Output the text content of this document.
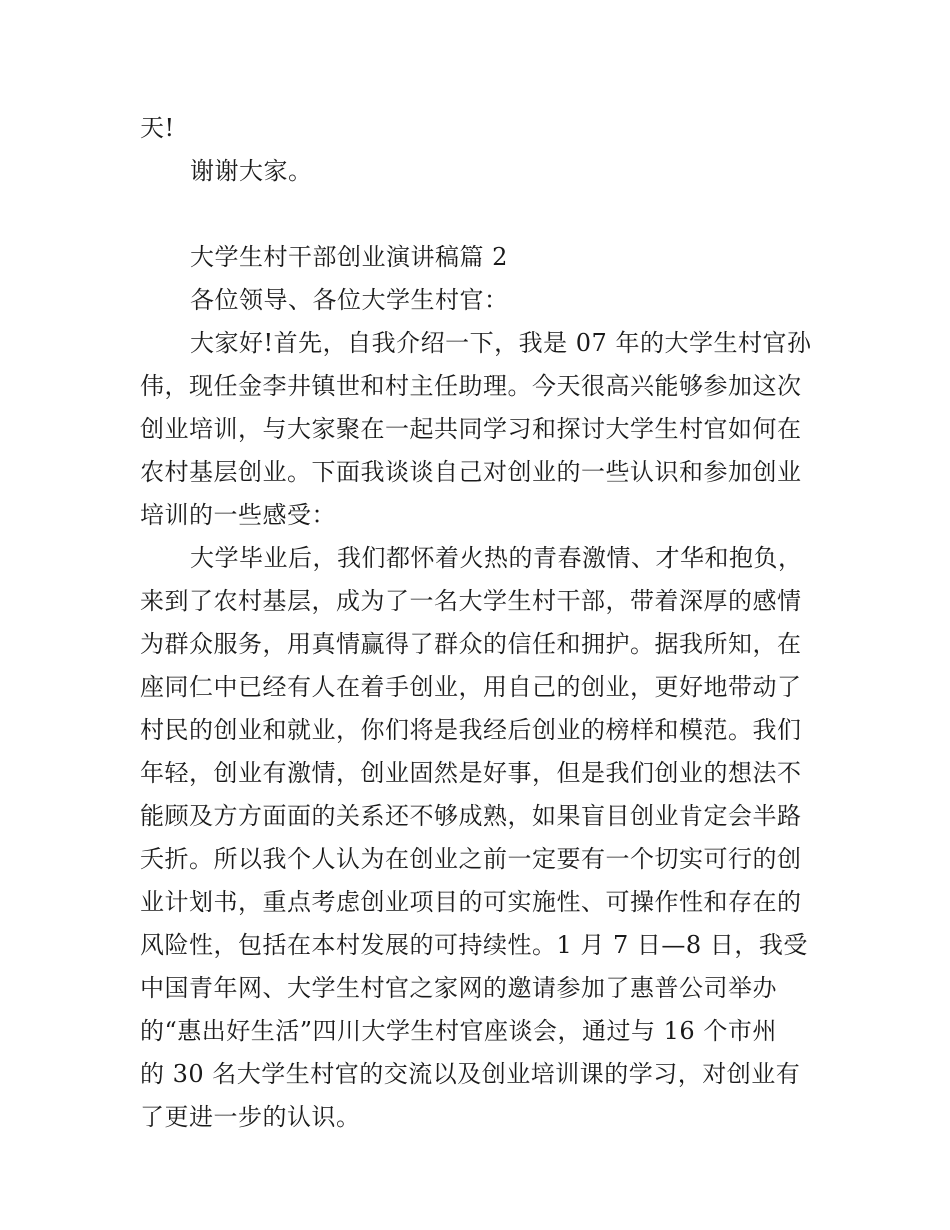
天!
谢谢大家。
大学生村干部创业演讲稿篇 2
各位领导、各位大学生村官：
大家好!首先，自我介绍一下，我是 07 年的大学生村官孙
伟，现任金李井镇世和村主任助理。今天很高兴能够参加这次
创业培训，与大家聚在一起共同学习和探讨大学生村官如何在
农村基层创业。下面我谈谈自己对创业的一些认识和参加创业
培训的一些感受：
大学毕业后，我们都怀着火热的青春激情、才华和抱负，
来到了农村基层，成为了一名大学生村干部，带着深厚的感情
为群众服务，用真情赢得了群众的信任和拥护。据我所知，在
座同仁中已经有人在着手创业，用自己的创业，更好地带动了
村民的创业和就业，你们将是我经后创业的榜样和模范。我们
年轻，创业有激情，创业固然是好事，但是我们创业的想法不
能顾及方方面面的关系还不够成熟，如果盲目创业肯定会半路
夭折。所以我个人认为在创业之前一定要有一个切实可行的创
业计划书，重点考虑创业项目的可实施性、可操作性和存在的
风险性，包括在本村发展的可持续性。1 月 7 日—8 日，我受
中国青年网、大学生村官之家网的邀请参加了惠普公司举办
的“惠出好生活”四川大学生村官座谈会，通过与 16 个市州
的 30 名大学生村官的交流以及创业培训课的学习，对创业有
了更进一步的认识。
